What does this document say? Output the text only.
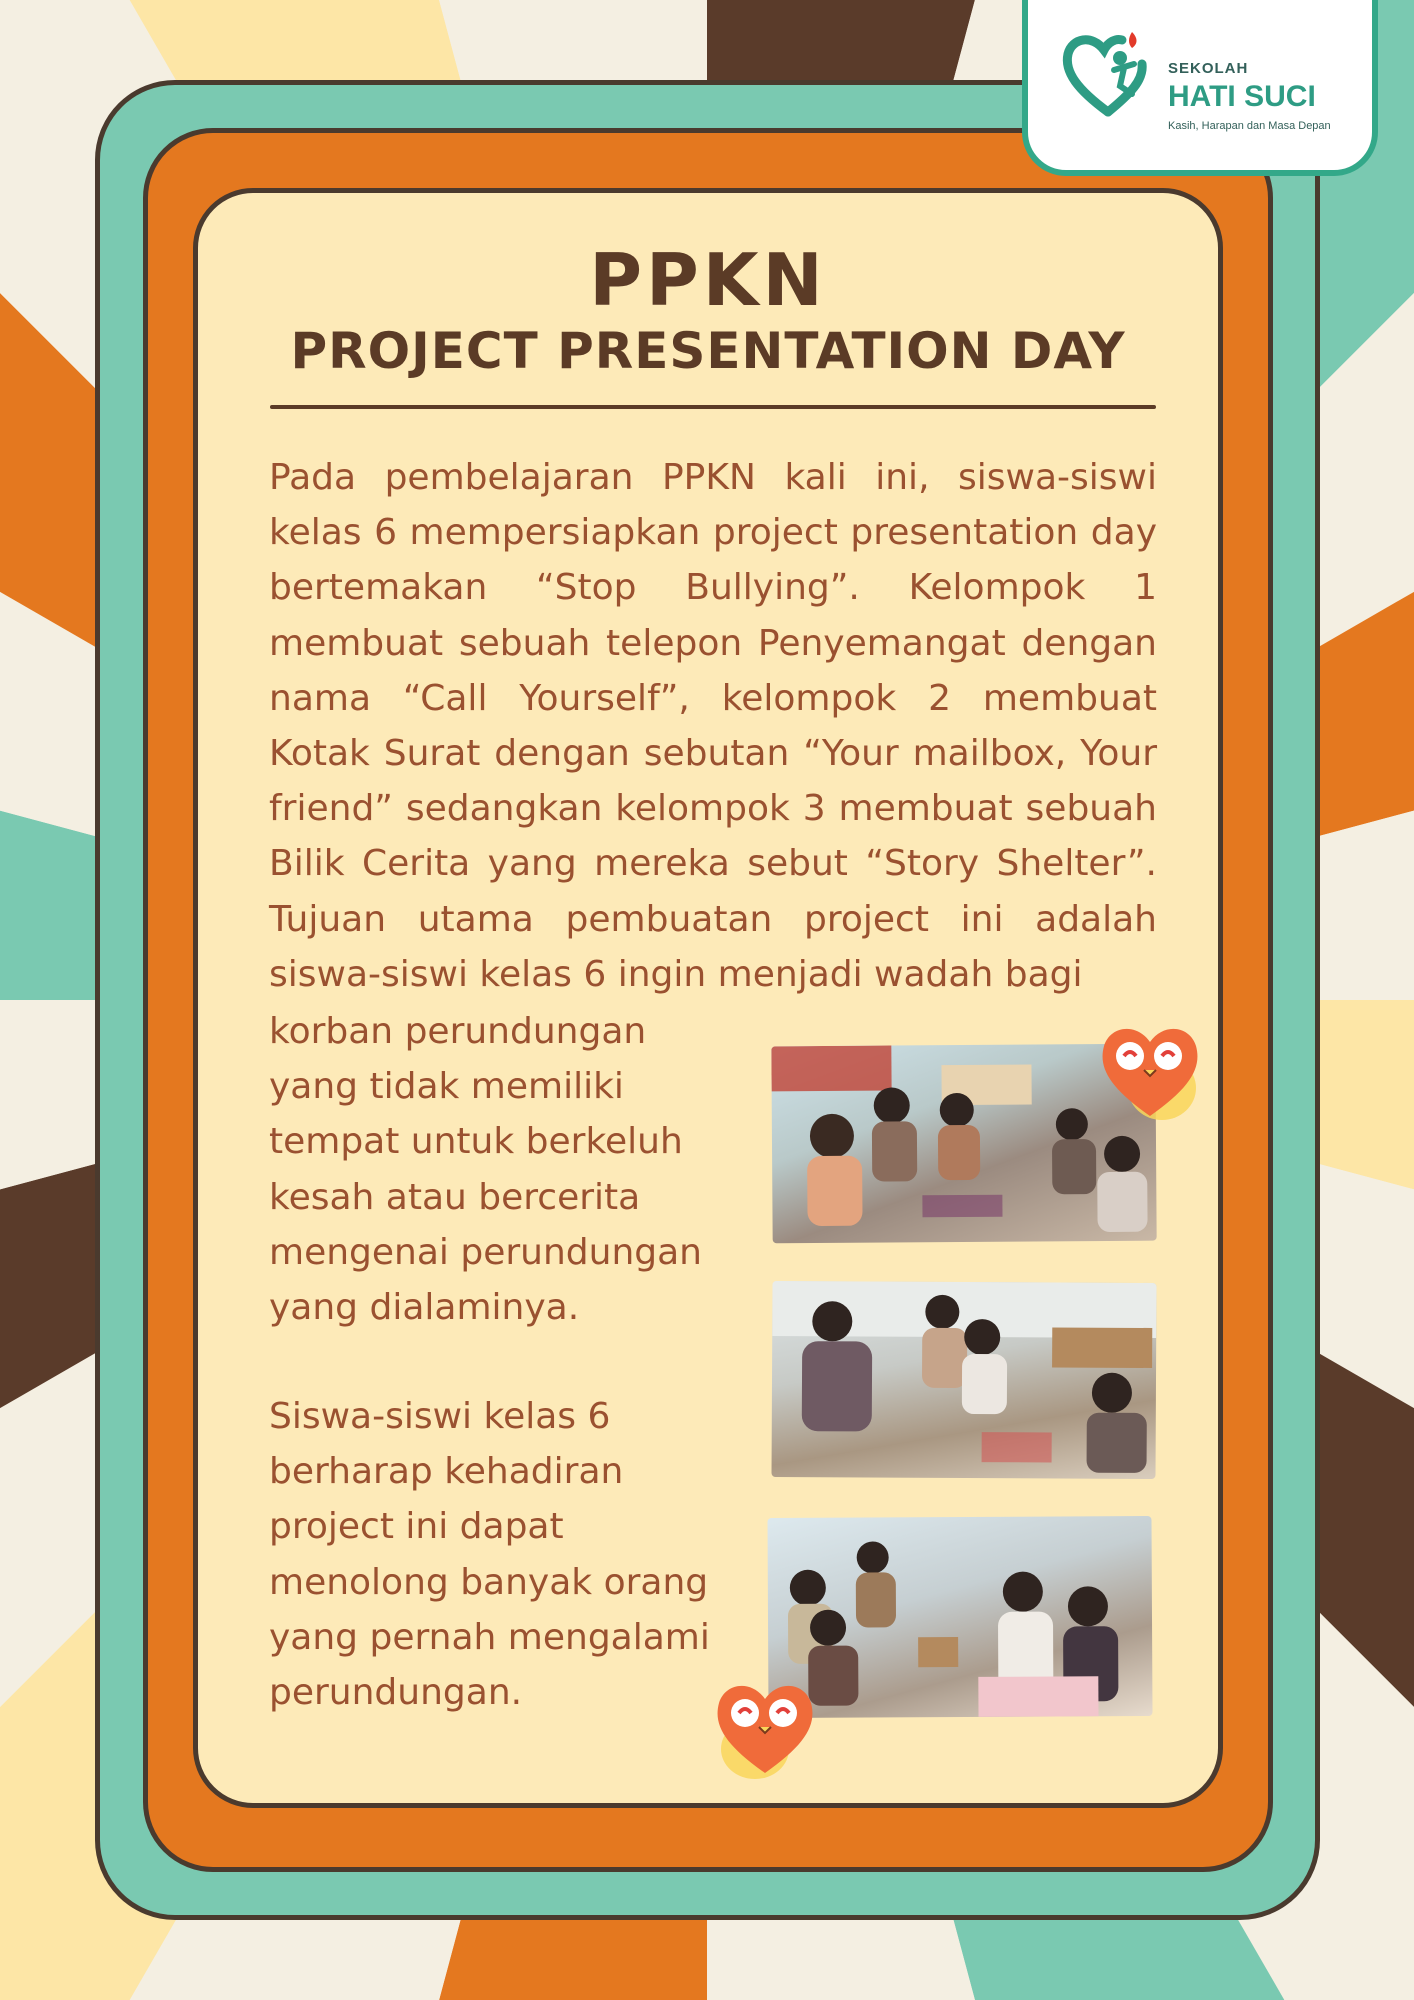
SEKOLAH
HATI SUCI
Kasih, Harapan dan Masa Depan
PPKN
PROJECT PRESENTATION DAY

Pada pembelajaran PPKN kali ini, siswa-siswi kelas 6 mempersiapkan project presentation day bertemakan “Stop Bullying”. Kelompok 1 membuat sebuah telepon Penyemangat dengan nama “Call Yourself”, kelompok 2 membuat Kotak Surat dengan sebutan “Your mailbox, Your friend” sedangkan kelompok 3 membuat sebuah Bilik Cerita yang mereka sebut “Story Shelter”. Tujuan utama pembuatan project ini adalah siswa-siswi kelas 6 ingin menjadi wadah bagi

korban perundungan yang tidak memiliki tempat untuk berkeluh kesah atau bercerita mengenai perundungan yang dialaminya.

Siswa-siswi kelas 6 berharap kehadiran project ini dapat menolong banyak orang yang pernah mengalami perundungan.
